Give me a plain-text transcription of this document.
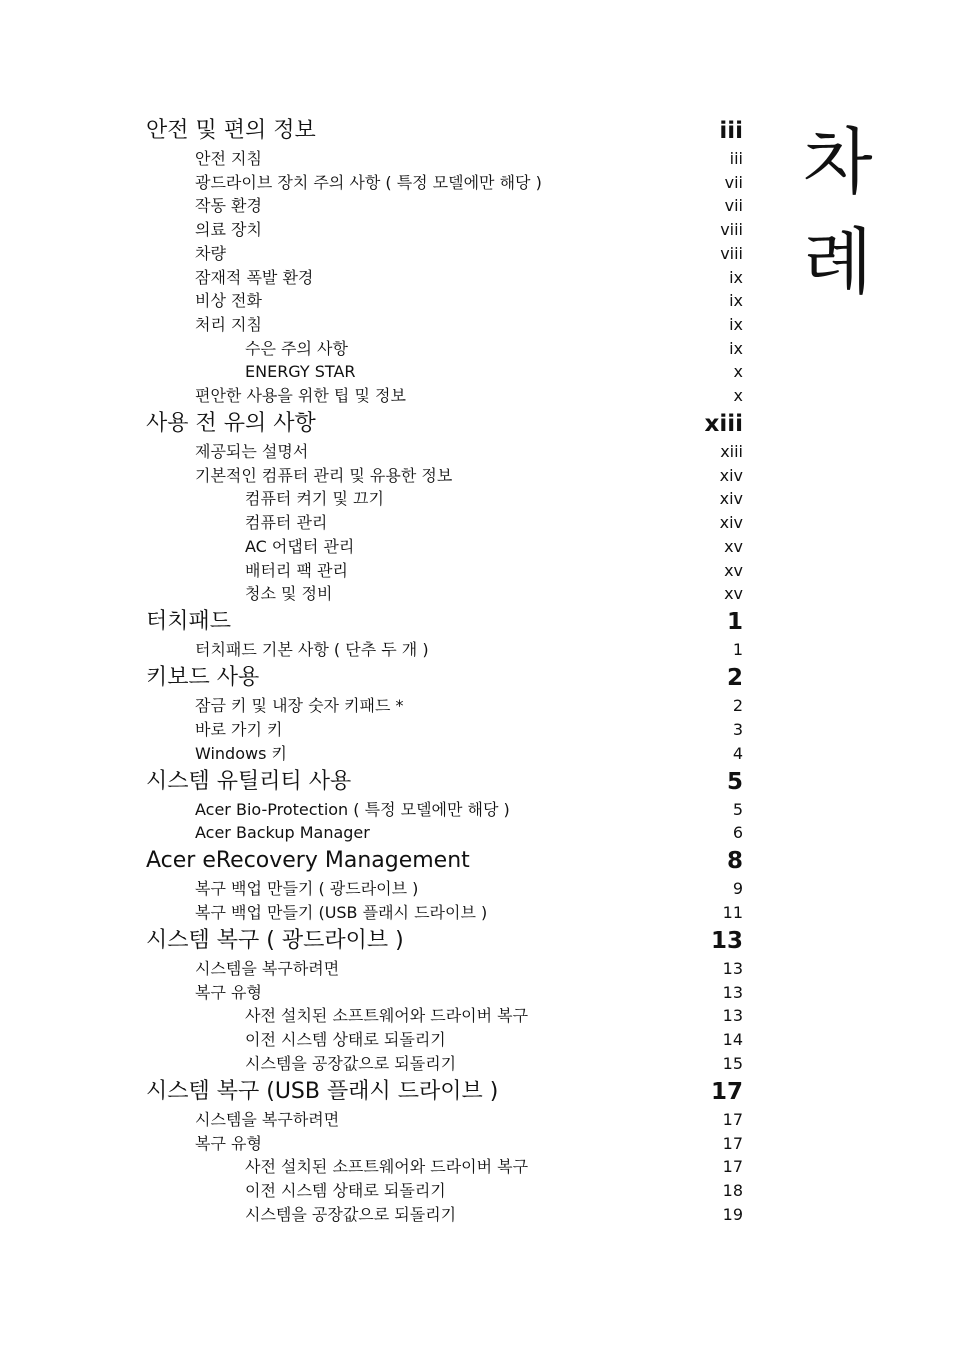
차례
안전 및 편의 정보	iii
안전 지침	iii
광드라이브 장치 주의 사항 ( 특정 모델에만 해당 )	vii
작동 환경	vii
의료 장치	viii
차량	viii
잠재적 폭발 환경	ix
비상 전화	ix
처리 지침	ix
수은 주의 사항	ix
ENERGY STAR	x
편안한 사용을 위한 팁 및 정보	x
사용 전 유의 사항	xiii
제공되는 설명서	xiii
기본적인 컴퓨터 관리 및 유용한 정보	xiv
컴퓨터 켜기 및 끄기	xiv
컴퓨터 관리	xiv
AC 어댑터 관리	xv
배터리 팩 관리	xv
청소 및 정비	xv
터치패드	1
터치패드 기본 사항 ( 단추 두 개 )	1
키보드 사용	2
잠금 키 및 내장 숫자 키패드 *	2
바로 가기 키	3
Windows 키	4
시스템 유틸리티 사용	5
Acer Bio-Protection ( 특정 모델에만 해당 )	5
Acer Backup Manager	6
Acer eRecovery Management	8
복구 백업 만들기 ( 광드라이브 )	9
복구 백업 만들기 (USB 플래시 드라이브 )	11
시스템 복구 ( 광드라이브 )	13
시스템을 복구하려면	13
복구 유형	13
사전 설치된 소프트웨어와 드라이버 복구	13
이전 시스템 상태로 되돌리기	14
시스템을 공장값으로 되돌리기	15
시스템 복구 (USB 플래시 드라이브 )	17
시스템을 복구하려면	17
복구 유형	17
사전 설치된 소프트웨어와 드라이버 복구	17
이전 시스템 상태로 되돌리기	18
시스템을 공장값으로 되돌리기	19
